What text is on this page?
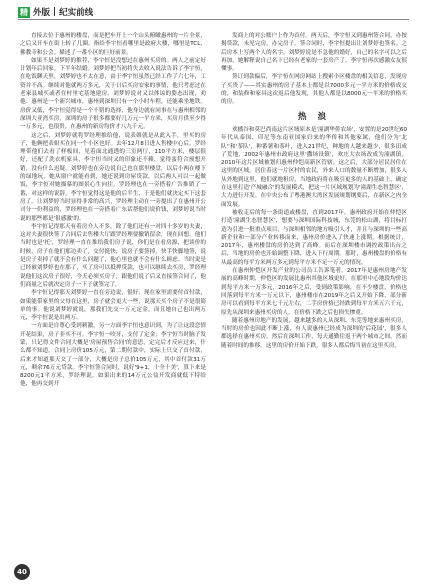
精 外版 | 纪实前线

直接去位于惠州的楼盘，而是把车开上一个山头俯瞰惠州的一片全景，之后又开车在街上转了几圈。指给李宇恒看哪里是政府大楼，哪里是TCL，佛教寺和公会。描述了一番小区的巨好前景。

如果不是刘梦婷的推荐，李宇恒是没想过在惠州买房的。两人之前定好计划年后回家。下半年结婚。刘梦婷把当初将失去收入说法告诉了李宇恒，在吃饭聊天里，刘梦婷也不太在意，由于李宇恒虽然已经工作了六七年，工资并不高。继续对他就两万多元，关于日后买房安家的事情，他只考虑过在老家县城买或者在村里宅基地建房。刘梦婷说对又以体谅的姿态出现，劝他：惠州是一个新兴城市，惠州到深圳只有一个小时车程，还能乘坐地铁。房价又低，李宇恒觉得是一个不错的选择，他身边就有同事在与惠州相邻的深圳大亚湾买房，深圳的房子很多都要好几万元一平方米，买房月供至少得一万多元，也很贵。在惠州的新房均价才八九千元。

这之后，刘梦婷就将罗经理推给他，说表姐就是从此入手，里买的房子，他俩把表姐买在同一个小区也好。去年12月8日进入售楼中心后，罗经理带他们去看了样板间，见着面北通透的三室两厅，110平方米，楼层很好，还配了洗衣机家具，李宇恒当时又的印象还不赖，觉得蛮符合预想开销，没有什么迟疑，刘梦婷也在旁边说自己也在那里楼盘，以后小两在楼下的绿地玩，她从窗户就能看到，她还说到房屋贷款，以后两人可以一起做饭，李宇恒对她描摹的图景心生向往。罗经理也在一旁搭着广告推销了一番，对这样的说辞，李宇恒觉得这是他的后半生，于是他们就决定买下这套房了。让刘梦婷当时显得非常的高兴，罗经理主动在一旁提出了在惠州开公司分一份利益的，罗经理也在一旁搭着广东话帮他们说价钱，刘梦婷说当时说的那些都是'很感激'的。

李宇恒记得那天有着房介人不多，除了他们还有一对四十多岁的夫妻，这对夫妻很快签了合同后去售楼大厅跟罗经理要撤销留余，现在回想，他们当时也是'托'，罗经理一直在推给我们房子说，你们是在看房源，把谈价的时候，房子在他们那边卖了，交付挺快，说房子要签掉，快手快脚地签，说是房子卖掉了就不会有什么问题了，他心里也就不会有什么顾虑。当时说是已经被刘梦婷也在那了，买了房可以抵押贷款，也可以继续去买房，罗经理说他们这次房子很好，今天必须买房子，跟他们说了后又直接签合同了，他们商量之后就决定房子一下子就签完了。

李宇恒记得那天刘梦婷一直在旁边说，很好，现在家里需要付首付款，如果能带家里的父母在这里，房子就会更大一些，说那天买个房子不是很简单的事。他说刘梦婷就说，那我们先交一万元定金，而且她自己也出两万元，李宇恒说是出两万。

一方面是自尊心受到刺激，另一方面李宇恒也意识到，为了让这段恋情开花结果，房子非买不可。李宇恒一咬牙，支付了定金，李宇恒当时脑子发蒙，只记得文件合同大概是'房屋预售合同'的意思，定完后才反应过来，什么都不知道。合同上房价105万元，第二期付款中，实际上只交了首付款，后来才知道那天交了一部分，大概是房子总价105万元，其中首付款31万元，剩余76万元贷款。李宇恒签合同时，说好'9+1，十全十美'，算下来是8200元1平方米，罗经理说，如果出来的14万元公益开发商就低下特给他，他再交到开

发商上的对公账户上作为首付。两天后，李宇恒又到惠州签合同，办按揭贷款，未见完房，办完房子。签合同时，李宇恒提出让刘梦婷也签名。之后房本上写两个人的名字，刘梦婷说是不急他的婚好，自己的名字可以之后再加。她解释说自己名下已经有老家的一套房产了，李宇恒再次感激女友很懂事。

签订到款偏后，李宇恒在网房网站上搜索小区楼盘的相关信息，发现房子买贵了——其实惠州的房子基本上都是以7000多元一平方米的价格成交的，和装修和家具这次返后他发现，其他人都是以8000元一平米的价格买的房。

热 浪

欢播谷和莫巴尚南这片区域原本是'潼湖华侨农场'，安置的是20世纪60年代从泰国、印尼等东南亚国家归来的华侨和其他家属，他们分为'北队''和'茶队'，种番薯和茶叶，进入21世纪，种地的人越来越少，很多田成了荒地，2002年惠州市政府这里'撒场设镇'，欢庄大农场改成为潼湖镇。2010年这片区域被划归惠州仲恺高新区管辖。这之后，大部分居民居住在这里的区域，居住着这一片区村的农民，外来人口的数量不断增加，很多人从外地到这里，他们就地租房，当地政府将在吸引更多的人的基础上，确定在这里打造'产城融合'的发展模式，把这一片区域规划为'潼湖生态智慧区'，大力进行开发。在中央公布了粤港澳大湾区发展规划纲要后，在新区之内全面发展。

被收走后的每一条街道或楼盘，直到2017年，惠州政府开始在仲恺区打造'潼湖生态智慧区'，想要与深圳国际科技城，东莞的松山湖，将目标打造为引进一批重点项目，与深圳相邻的地方吸引人才，并且与深圳的一些高新企业和一部分产业转移而来，惠州房价进入了快速上涨期。根据统计，2017年，惠州楼盘的房价达到了高峰。而后在深圳楼市调控政策出台之后，当地的房价也开始调整下降，进入下行周期。那时，惠州楼盘的价格有从最高的每平方米两万多元到每平方米不足一万元的情况。

在惠州仲恺区开发产业的公司员工告诉笔者，2017年是惠州房地产发展的高峰时期，仲恺区的发展比惠州其他区域更好，在那里中心地段均价达到每平方米一万多元，2016年之后，受到政策影响，在不少楼盘，价格也回落到每平方米一万元以下，惠州楼市在2019年之后又开始下降，部分新房可以看到每平方米七千元左右，二手房价格已经跌到每平方米五六千元，原先从深圳来惠州买房的人，在价格下跌之后也损失惨重。

随着惠州房地产的发展，越来越多的人从深圳、东莞等地来惠州买房，当时的房价也因此不断上涨，有人说惠州已经成为深圳的'后花园'，很多人都选择在惠州买房，然后在深圳工作，每天通勤往返于两个城市之间。然而随着时间的推移，这里的房价开始下跌，很多人都后悔当初在这里买房。

40
